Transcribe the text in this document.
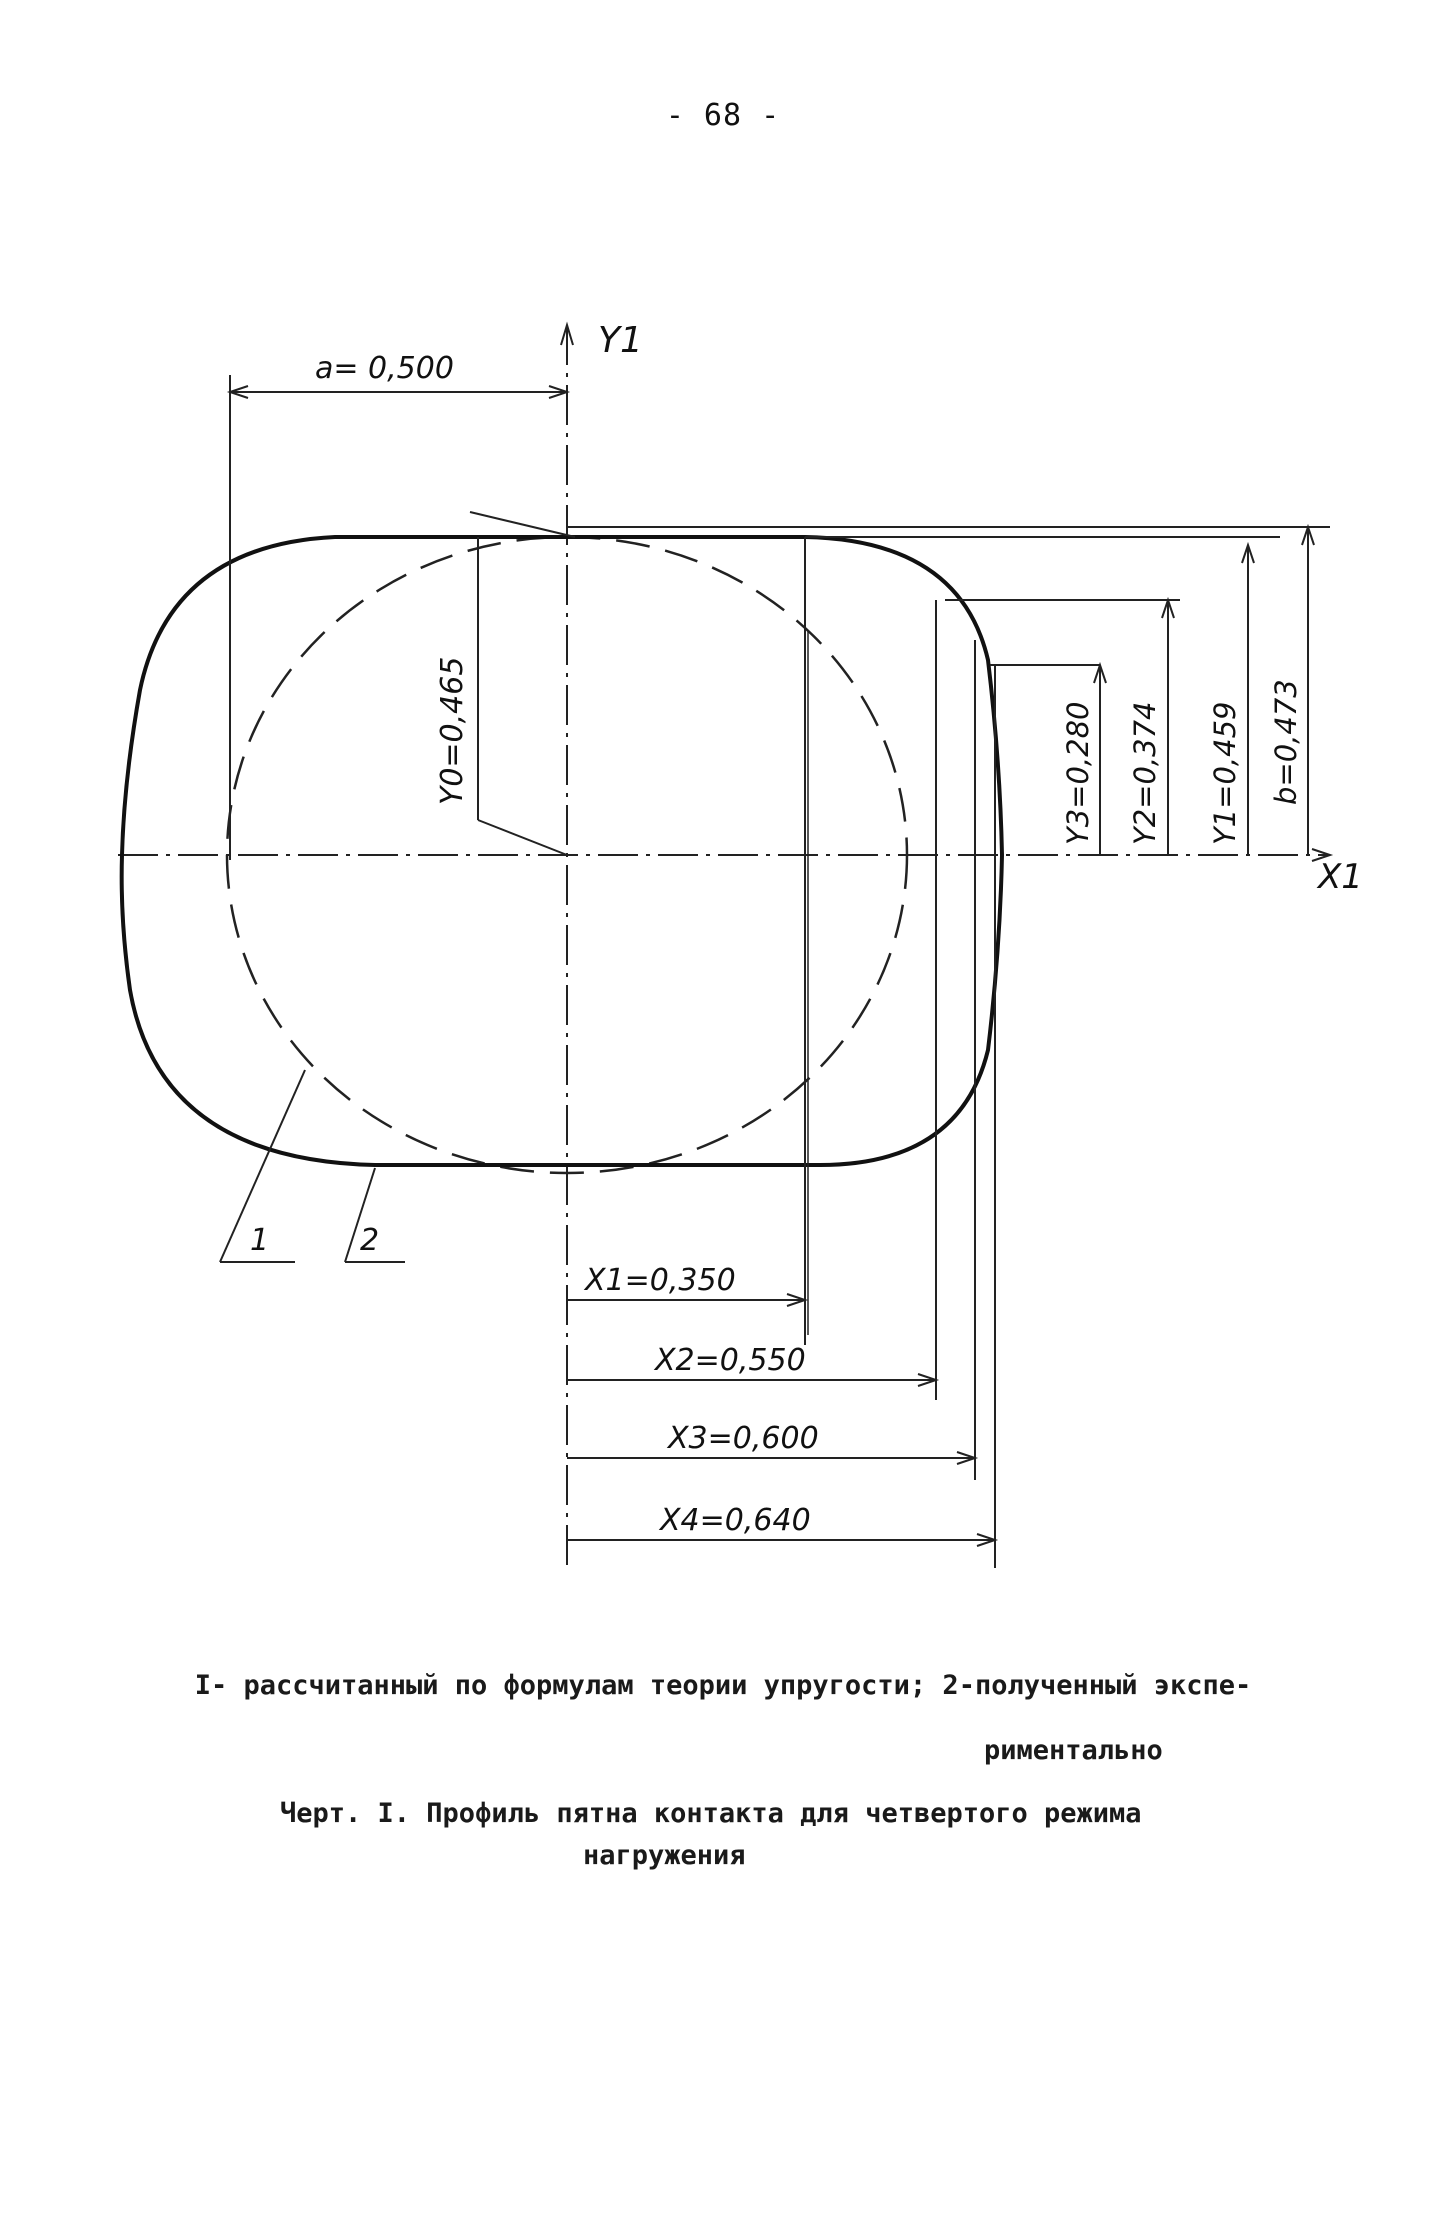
- 68 -
Y1
X1
a= 0,500
Y0=0,465	Y3=0,280 Y2=0,374 Y1=0,459 b=0,473
X1=0,350
X2=0,550
X3=0,600
X4=0,640
1	2
I- рассчитанный по формулам теории упругости; 2-полученный экспе-
риментально
Черт. I. Профиль пятна контакта для четвертого режима
нагружения
